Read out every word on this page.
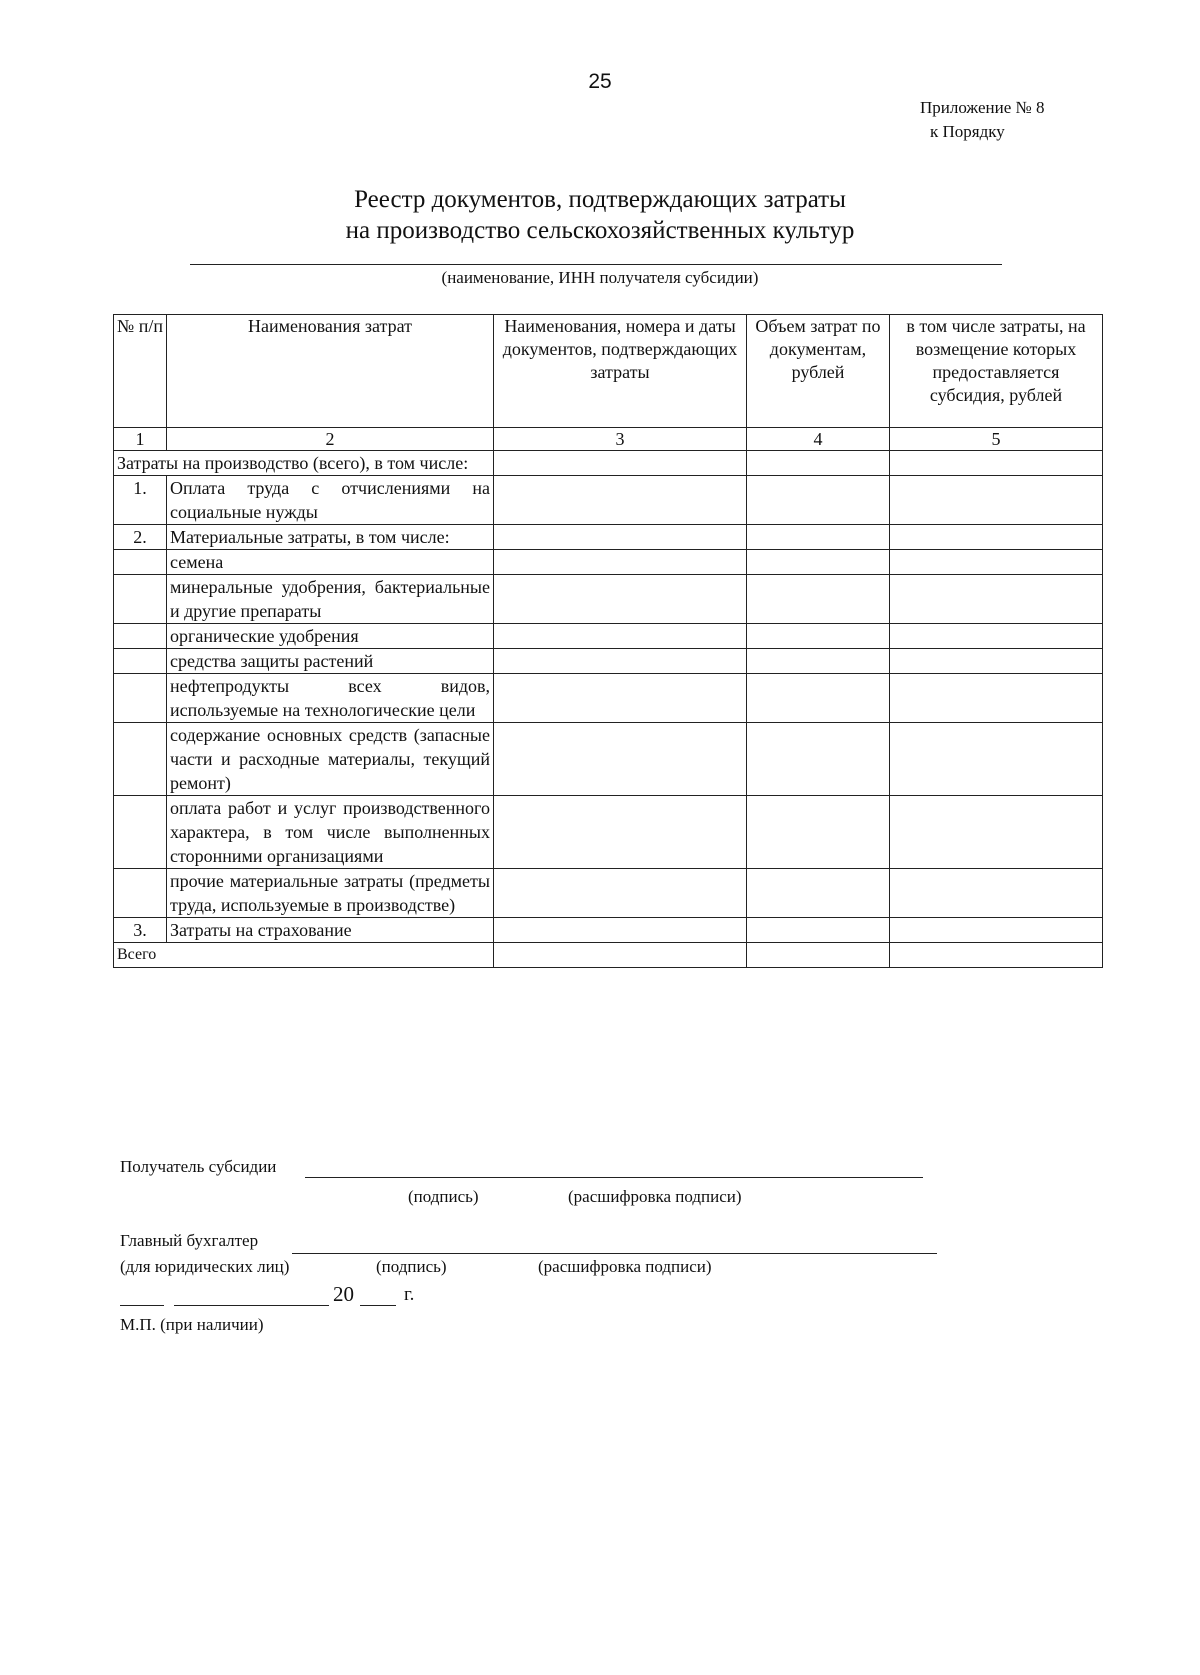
25
Приложение № 8
к Порядку
Реестр документов, подтверждающих затраты
на производство сельскохозяйственных культур
(наименование, ИНН получателя субсидии)
№ п/п	Наименования затрат	Наименования, номера и даты документов, подтверждающих затраты	Объем затрат по документам, рублей	в том числе затраты, на возмещение которых предоставляется субсидия, рублей
1	2	3	4	5
Затраты на производство (всего), в том числе:				
1.	Оплата труда с отчислениями на социальные нужды			
2.	Материальные затраты, в том числе:			
	семена			
	минеральные удобрения, бактериальные и другие препараты			
	органические удобрения			
	средства защиты растений			
	нефтепродукты всех видов, используемые на технологические цели			
	содержание основных средств (запасные части и расходные материалы, текущий ремонт)			
	оплата работ и услуг производственного характера, в том числе выполненных сторонними организациями			
	прочие материальные затраты (предметы труда, используемые в производстве)			
3.	Затраты на страхование			
Всего				
Получатель субсидии
(подпись)	(расшифровка подписи)
Главный бухгалтер
(для юридических лиц)	(подпись)	(расшифровка подписи)
20	г.
М.П. (при наличии)
